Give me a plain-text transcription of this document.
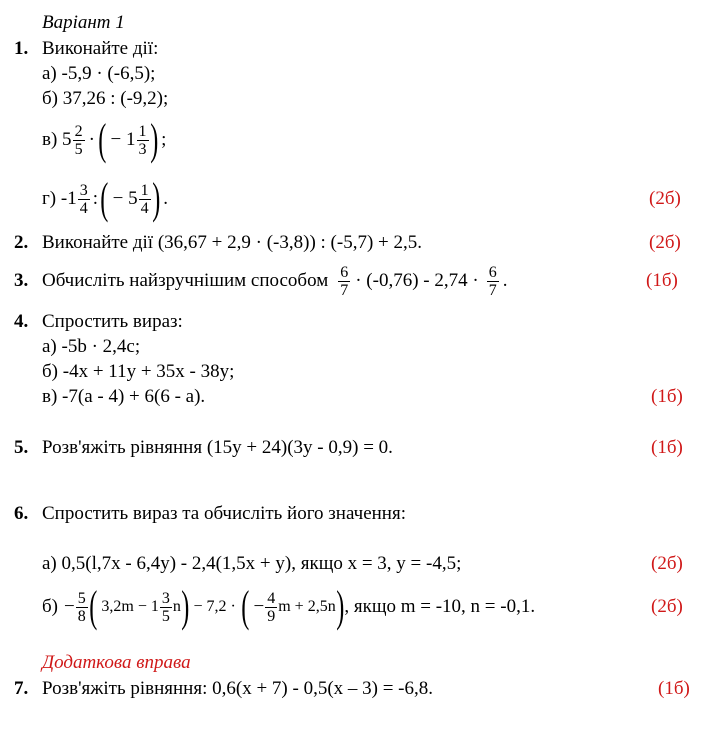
Варіант 1
1. Виконайте дії:
а) -5,9 · (-6,5);
б) 37,26 : (-9,2);
в) $5 \frac{2}{5}$ · ( − $1 \frac{1}{3}$ ) ;
г) $-1 \frac{3}{4}$ : ( − $5 \frac{1}{4}$ ) .	(2б)
2. Виконайте дії (36,67 + 2,9 · (-3,8)) : (-5,7) + 2,5.	(2б)
3. Обчисліть найзручнішим способом $\frac{6}{7} \cdot (-0,76) - 2,74 \cdot \frac{6}{7}$ .	(1б)
4. Спростить вираз:
а) -5b · 2,4c;
б) -4x + 11y + 35x - 38y;
в) -7(a - 4) + 6(6 - a).	(1б)
5. Розв'яжіть рівняння (15y + 24)(3y - 0,9) = 0.	(1б)
6. Спростить вираз та обчисліть його значення:
а) 0,5(l,7x - 6,4y) - 2,4(1,5x + y), якщо x = 3, y = -4,5;	(2б)
$б) - \frac{5}{8}$ ( $3,2m - 1 \frac{3}{5}$ n ) − 7,2 · ( − $\frac{4}{9}$ m + 2,5n ) , якщо m = -10, n = -0,1.	(2б)
Додаткова вправа
7. Розв'яжіть рівняння: 0,6(x + 7) - 0,5(x – 3) = -6,8.	(1б)
